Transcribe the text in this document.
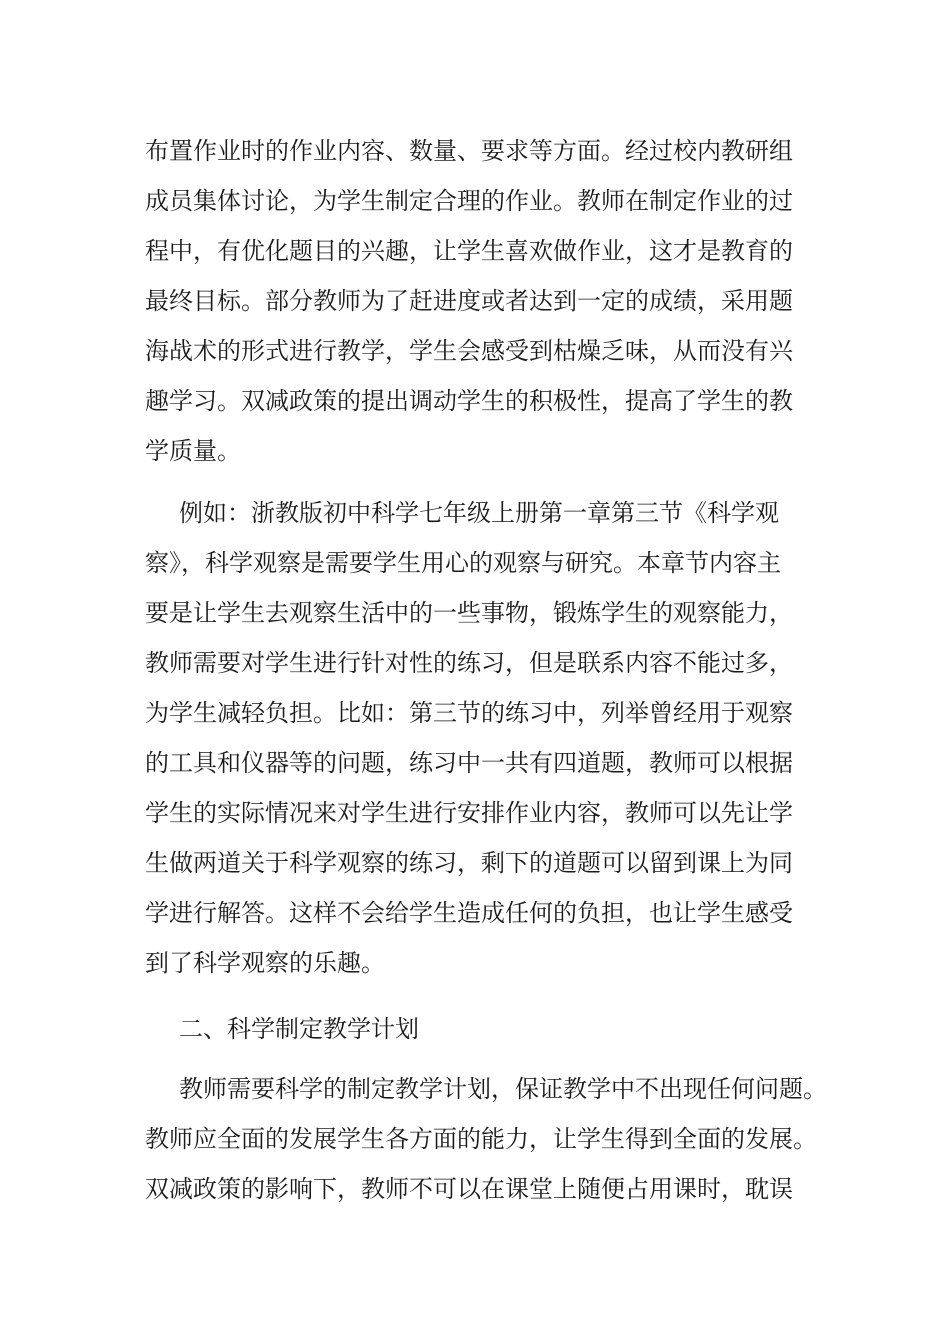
布置作业时的作业内容、数量、要求等方面。经过校内教研组
成员集体讨论，为学生制定合理的作业。教师在制定作业的过
程中，有优化题目的兴趣，让学生喜欢做作业，这才是教育的
最终目标。部分教师为了赶进度或者达到一定的成绩，采用题
海战术的形式进行教学，学生会感受到枯燥乏味，从而没有兴
趣学习。双减政策的提出调动学生的积极性，提高了学生的教
学质量。
例如：浙教版初中科学七年级上册第一章第三节《科学观
察》，科学观察是需要学生用心的观察与研究。本章节内容主
要是让学生去观察生活中的一些事物，锻炼学生的观察能力，
教师需要对学生进行针对性的练习，但是联系内容不能过多，
为学生减轻负担。比如：第三节的练习中，列举曾经用于观察
的工具和仪器等的问题，练习中一共有四道题，教师可以根据
学生的实际情况来对学生进行安排作业内容，教师可以先让学
生做两道关于科学观察的练习，剩下的道题可以留到课上为同
学进行解答。这样不会给学生造成任何的负担，也让学生感受
到了科学观察的乐趣。
二、科学制定教学计划
教师需要科学的制定教学计划，保证教学中不出现任何问题。
教师应全面的发展学生各方面的能力，让学生得到全面的发展。
双减政策的影响下，教师不可以在课堂上随便占用课时，耽误
